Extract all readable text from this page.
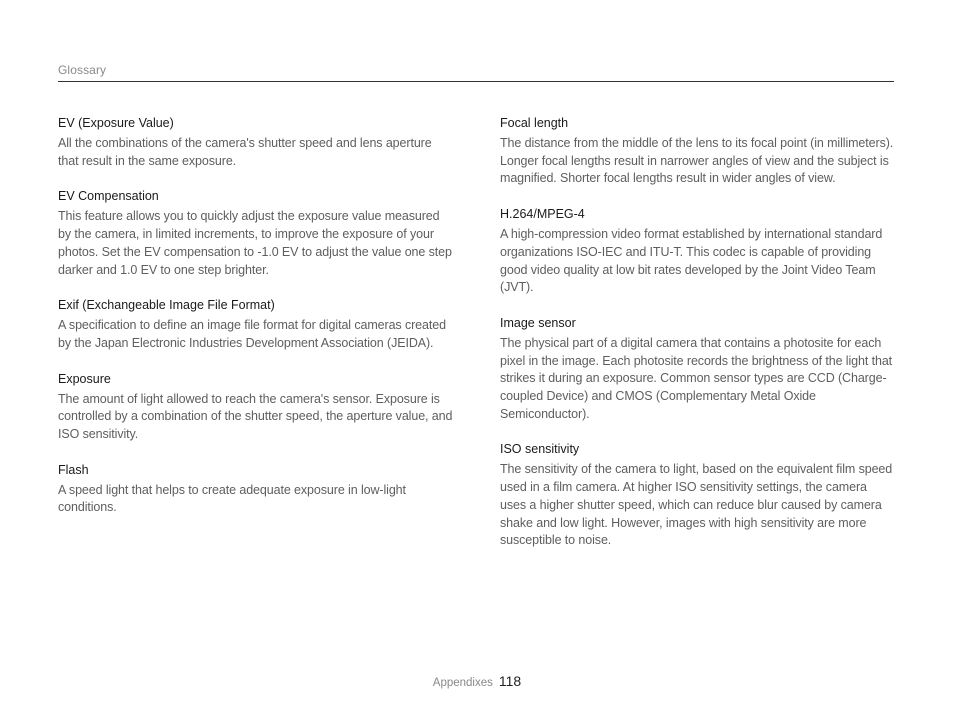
Glossary
EV (Exposure Value)

All the combinations of the camera's shutter speed and lens aperture that result in the same exposure.

EV Compensation

This feature allows you to quickly adjust the exposure value measured by the camera, in limited increments, to improve the exposure of your photos. Set the EV compensation to -1.0 EV to adjust the value one step darker and 1.0 EV to one step brighter.

Exif (Exchangeable Image File Format)

A specification to define an image file format for digital cameras created by the Japan Electronic Industries Development Association (JEIDA).

Exposure

The amount of light allowed to reach the camera's sensor. Exposure is controlled by a combination of the shutter speed, the aperture value, and ISO sensitivity.

Flash

A speed light that helps to create adequate exposure in low-light conditions.

Focal length

The distance from the middle of the lens to its focal point (in millimeters). Longer focal lengths result in narrower angles of view and the subject is magnified. Shorter focal lengths result in wider angles of view.

H.264/MPEG-4

A high-compression video format established by international standard organizations ISO-IEC and ITU-T. This codec is capable of providing good video quality at low bit rates developed by the Joint Video Team (JVT).

Image sensor

The physical part of a digital camera that contains a photosite for each pixel in the image. Each photosite records the brightness of the light that strikes it during an exposure. Common sensor types are CCD (Charge-coupled Device) and CMOS (Complementary Metal Oxide Semiconductor).

ISO sensitivity

The sensitivity of the camera to light, based on the equivalent film speed used in a film camera. At higher ISO sensitivity settings, the camera uses a higher shutter speed, which can reduce blur caused by camera shake and low light. However, images with high sensitivity are more susceptible to noise.

Appendixes 118
